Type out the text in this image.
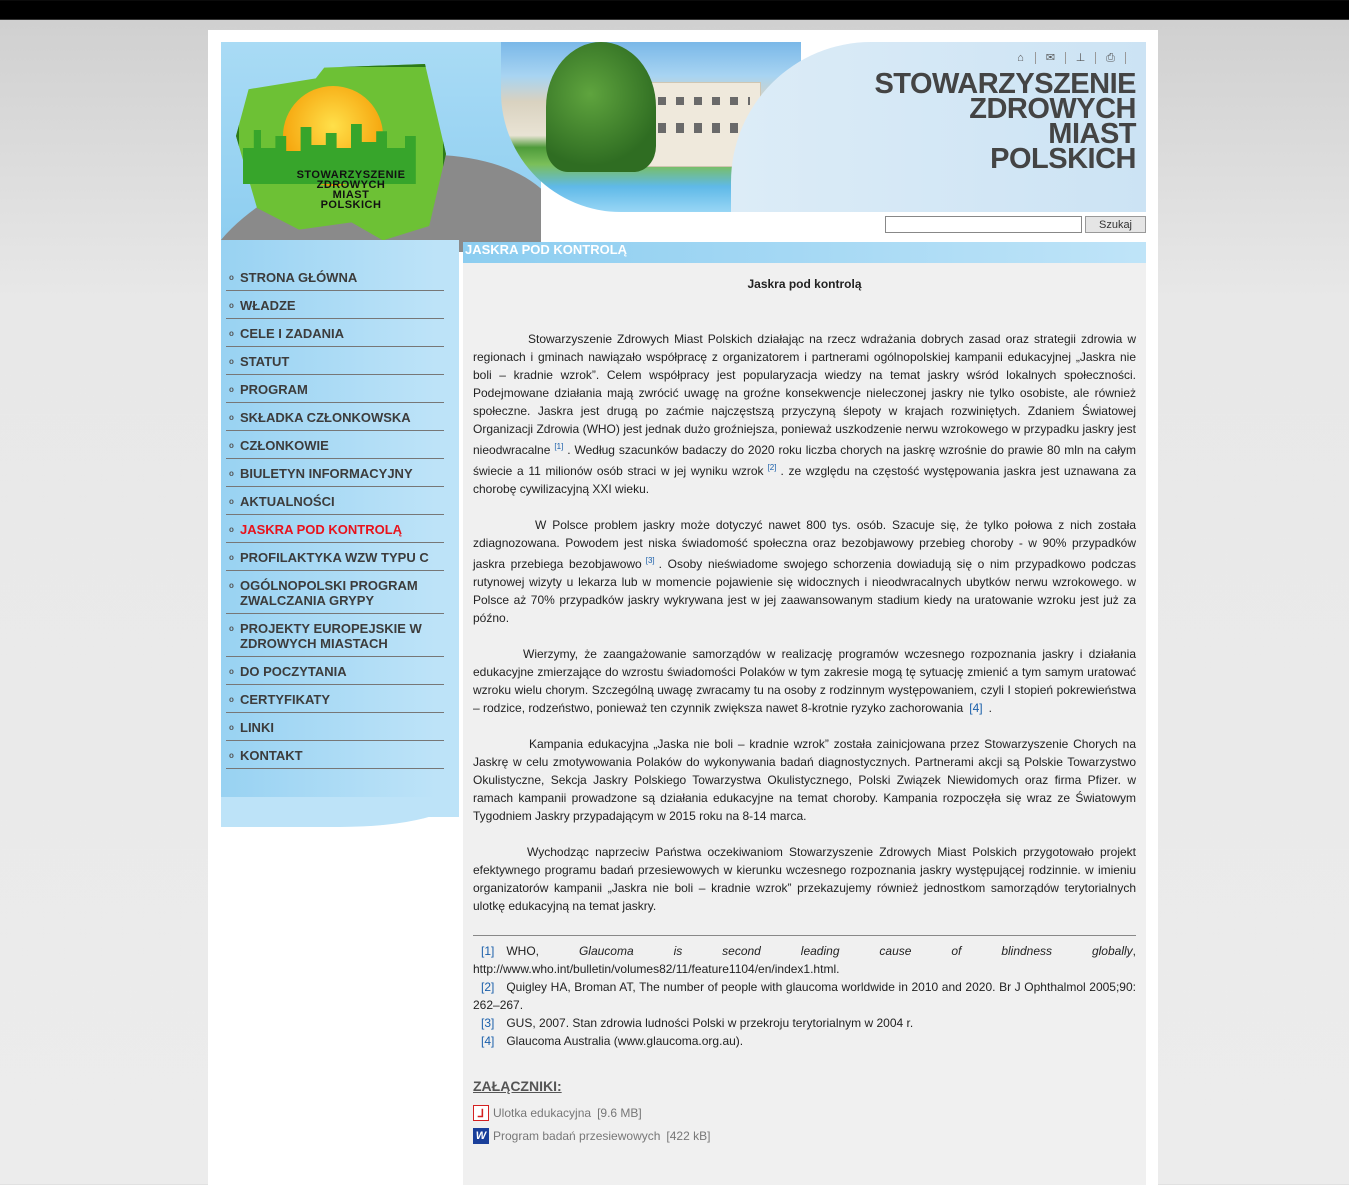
STOWARZYSZENIE
ZDROWYCH
MIAST
POLSKICH
⌂	✉	⊥	⎙
STOWARZYSZENIE
ZDROWYCH
MIAST
POLSKICH
Szukaj
o STRONA GŁÓWNA
o WŁADZE
o CELE I ZADANIA
o STATUT
o PROGRAM
o SKŁADKA CZŁONKOWSKA
o CZŁONKOWIE
o BIULETYN INFORMACYJNY
o AKTUALNOŚCI
o JASKRA POD KONTROLĄ
o PROFILAKTYKA WZW TYPU C
o OGÓLNOPOLSKI PROGRAM ZWALCZANIA GRYPY
o PROJEKTY EUROPEJSKIE W ZDROWYCH MIASTACH
o DO POCZYTANIA
o CERTYFIKATY
o LINKI
o KONTAKT
JASKRA POD KONTROLĄ
Jaskra pod kontrolą

Stowarzyszenie Zdrowych Miast Polskich działając na rzecz wdrażania dobrych zasad oraz strategii zdrowia w regionach i gminach nawiązało współpracę z organizatorem i partnerami ogólnopolskiej kampanii edukacyjnej „Jaskra nie boli – kradnie wzrok”. Celem współpracy jest popularyzacja wiedzy na temat jaskry wśród lokalnych społeczności. Podejmowane działania mają zwrócić uwagę na groźne konsekwencje nieleczonej jaskry nie tylko osobiste, ale również społeczne. Jaskra jest drugą po zaćmie najczęstszą przyczyną ślepoty w krajach rozwiniętych. Zdaniem Światowej Organizacji Zdrowia (WHO) jest jednak dużo groźniejsza, ponieważ uszkodzenie nerwu wzrokowego w przypadku jaskry jest nieodwracalne [1] . Według szacunków badaczy do 2020 roku liczba chorych na jaskrę wzrośnie do prawie 80 mln na całym świecie a 11 milionów osób straci w jej wyniku wzrok [2] . ze względu na częstość występowania jaskra jest uznawana za chorobę cywilizacyjną XXI wieku.

W Polsce problem jaskry może dotyczyć nawet 800 tys. osób. Szacuje się, że tylko połowa z nich została zdiagnozowana. Powodem jest niska świadomość społeczna oraz bezobjawowy przebieg choroby - w 90% przypadków jaskra przebiega bezobjawowo [3] . Osoby nieświadome swojego schorzenia dowiadują się o nim przypadkowo podczas rutynowej wizyty u lekarza lub w momencie pojawienie się widocznych i nieodwracalnych ubytków nerwu wzrokowego. w Polsce aż 70% przypadków jaskry wykrywana jest w jej zaawansowanym stadium kiedy na uratowanie wzroku jest już za późno.

Wierzymy, że zaangażowanie samorządów w realizację programów wczesnego rozpoznania jaskry i działania edukacyjne zmierzające do wzrostu świadomości Polaków w tym zakresie mogą tę sytuację zmienić a tym samym uratować wzroku wielu chorym. Szczególną uwagę zwracamy tu na osoby z rodzinnym występowaniem, czyli I stopień pokrewieństwa – rodzice, rodzeństwo, ponieważ ten czynnik zwiększa nawet 8-krotnie ryzyko zachorowania [4] .

Kampania edukacyjna „Jaska nie boli – kradnie wzrok” została zainicjowana przez Stowarzyszenie Chorych na Jaskrę w celu zmotywowania Polaków do wykonywania badań diagnostycznych. Partnerami akcji są Polskie Towarzystwo Okulistyczne, Sekcja Jaskry Polskiego Towarzystwa Okulistycznego, Polski Związek Niewidomych oraz firma Pfizer. w ramach kampanii prowadzone są działania edukacyjne na temat choroby. Kampania rozpoczęła się wraz ze Światowym Tygodniem Jaskry przypadającym w 2015 roku na 8-14 marca.

Wychodząc naprzeciw Państwa oczekiwaniom Stowarzyszenie Zdrowych Miast Polskich przygotowało projekt efektywnego programu badań przesiewowych w kierunku wczesnego rozpoznania jaskry występującej rodzinnie. w imieniu organizatorów kampanii „Jaskra nie boli – kradnie wzrok” przekazujemy również jednostkom samorządów terytorialnych ulotkę edukacyjną na temat jaskry.

[1] WHO, Glaucoma is second leading cause of blindness globally, http://www.who.int/bulletin/volumes82/11/feature1104/en/index1.html.
[2] Quigley HA, Broman AT, The number of people with glaucoma worldwide in 2010 and 2020. Br J Ophthalmol 2005;90: 262–267.
[3] GUS, 2007. Stan zdrowia ludności Polski w przekroju terytorialnym w 2004 r.
[4] Glaucoma Australia (www.glaucoma.org.au).
ZAŁĄCZNIKI:
⅃ Ulotka edukacyjna [9.6 MB]
W Program badań przesiewowych [422 kB]
